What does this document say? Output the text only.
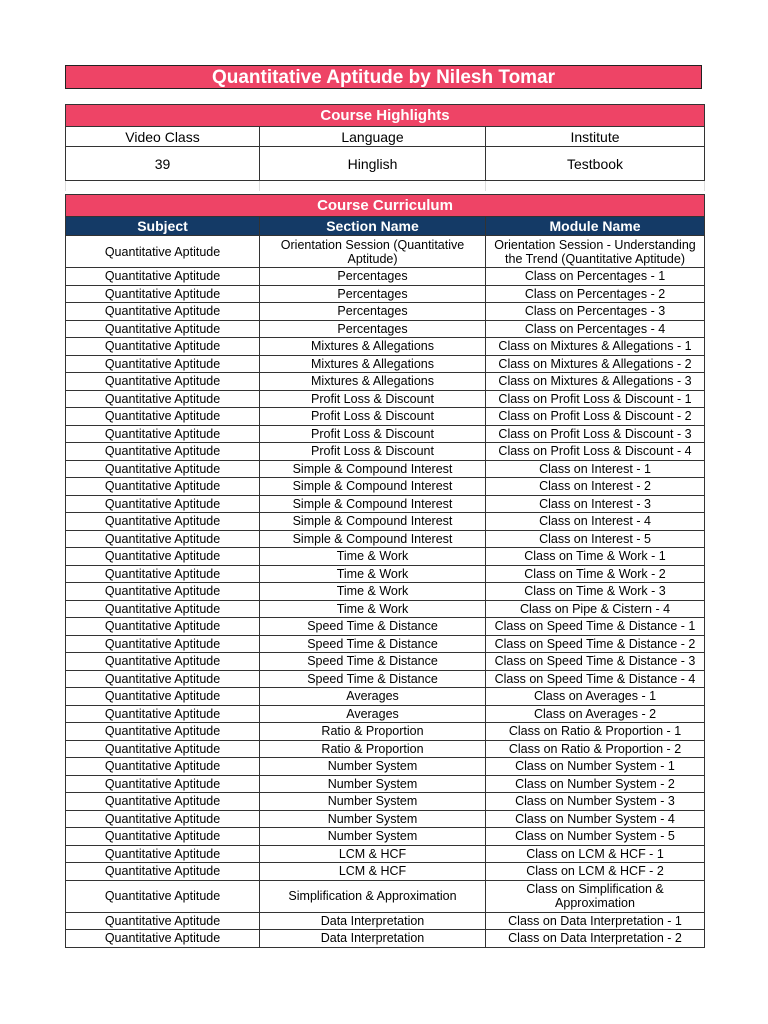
Quantitative Aptitude by Nilesh Tomar
Course Highlights		
Video Class	Language	Institute
39	Hinglish	Testbook

Course Curriculum		
Subject	Section Name	Module Name
Quantitative Aptitude	Orientation Session (Quantitative Aptitude)	Orientation Session - Understanding the Trend (Quantitative Aptitude)
Quantitative Aptitude	Percentages	Class on Percentages - 1
Quantitative Aptitude	Percentages	Class on Percentages - 2
Quantitative Aptitude	Percentages	Class on Percentages - 3
Quantitative Aptitude	Percentages	Class on Percentages - 4
Quantitative Aptitude	Mixtures & Allegations	Class on Mixtures & Allegations - 1
Quantitative Aptitude	Mixtures & Allegations	Class on Mixtures & Allegations - 2
Quantitative Aptitude	Mixtures & Allegations	Class on Mixtures & Allegations - 3
Quantitative Aptitude	Profit Loss & Discount	Class on Profit Loss & Discount - 1
Quantitative Aptitude	Profit Loss & Discount	Class on Profit Loss & Discount - 2
Quantitative Aptitude	Profit Loss & Discount	Class on Profit Loss & Discount - 3
Quantitative Aptitude	Profit Loss & Discount	Class on Profit Loss & Discount - 4
Quantitative Aptitude	Simple & Compound Interest	Class on Interest - 1
Quantitative Aptitude	Simple & Compound Interest	Class on Interest - 2
Quantitative Aptitude	Simple & Compound Interest	Class on Interest - 3
Quantitative Aptitude	Simple & Compound Interest	Class on Interest - 4
Quantitative Aptitude	Simple & Compound Interest	Class on Interest - 5
Quantitative Aptitude	Time & Work	Class on Time & Work - 1
Quantitative Aptitude	Time & Work	Class on Time & Work - 2
Quantitative Aptitude	Time & Work	Class on Time & Work - 3
Quantitative Aptitude	Time & Work	Class on Pipe & Cistern - 4
Quantitative Aptitude	Speed Time & Distance	Class on Speed Time & Distance - 1
Quantitative Aptitude	Speed Time & Distance	Class on Speed Time & Distance - 2
Quantitative Aptitude	Speed Time & Distance	Class on Speed Time & Distance - 3
Quantitative Aptitude	Speed Time & Distance	Class on Speed Time & Distance - 4
Quantitative Aptitude	Averages	Class on Averages - 1
Quantitative Aptitude	Averages	Class on Averages - 2
Quantitative Aptitude	Ratio & Proportion	Class on Ratio & Proportion - 1
Quantitative Aptitude	Ratio & Proportion	Class on Ratio & Proportion - 2
Quantitative Aptitude	Number System	Class on Number System - 1
Quantitative Aptitude	Number System	Class on Number System - 2
Quantitative Aptitude	Number System	Class on Number System - 3
Quantitative Aptitude	Number System	Class on Number System - 4
Quantitative Aptitude	Number System	Class on Number System - 5
Quantitative Aptitude	LCM & HCF	Class on LCM & HCF - 1
Quantitative Aptitude	LCM & HCF	Class on LCM & HCF - 2
Quantitative Aptitude	Simplification & Approximation	Class on Simplification & Approximation
Quantitative Aptitude	Data Interpretation	Class on Data Interpretation - 1
Quantitative Aptitude	Data Interpretation	Class on Data Interpretation - 2
